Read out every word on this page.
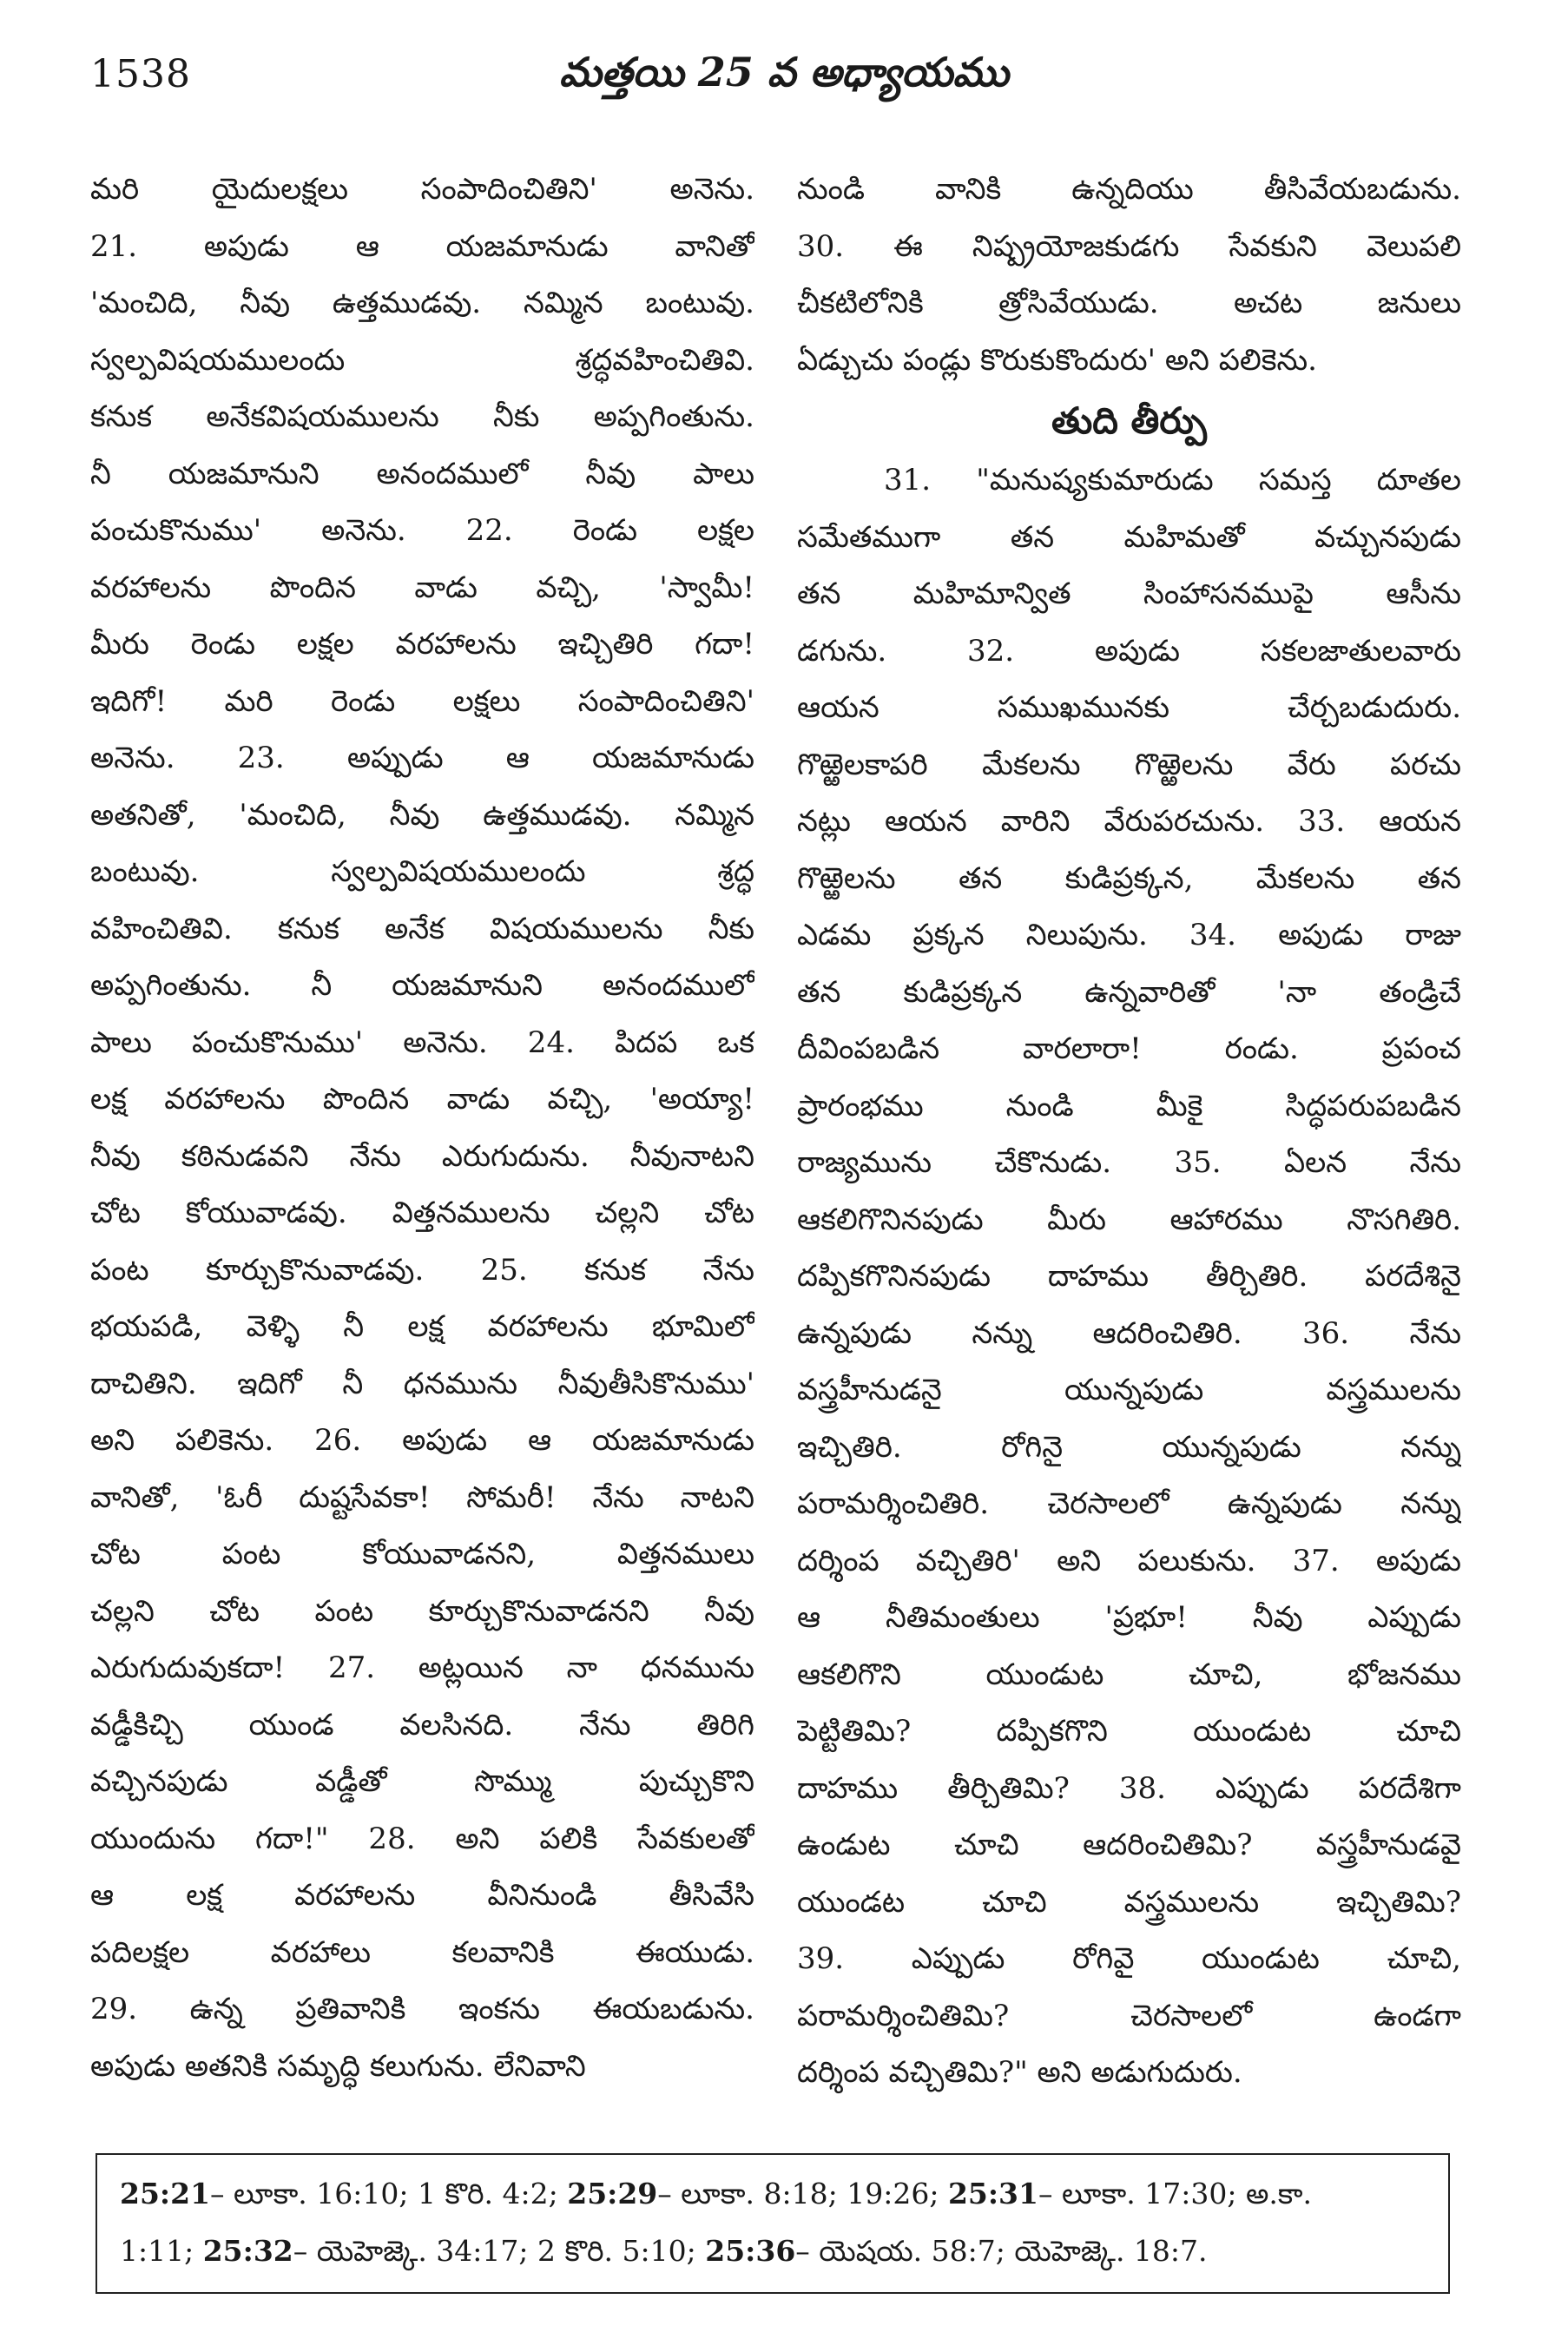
1538	మత్తయి 25 వ అధ్యాయము
మరి యైదులక్షలు సంపాదించితిని' అనెను.
21. అపుడు ఆ యజమానుడు వానితో
'మంచిది, నీవు ఉత్తముడవు. నమ్మిన బంటువు.
స్వల్పవిషయములందు శ్రద్ధవహించితివి.
కనుక అనేకవిషయములను నీకు అప్పగింతును.
నీ యజమానుని అనందములో నీవు పాలు
పంచుకొనుము' అనెను. 22. రెండు లక్షల
వరహాలను పొందిన వాడు వచ్చి, 'స్వామీ!
మీరు రెండు లక్షల వరహాలను ఇచ్చితిరి గదా!
ఇదిగో! మరి రెండు లక్షలు సంపాదించితిని'
అనెను. 23. అప్పుడు ఆ యజమానుడు
అతనితో, 'మంచిది, నీవు ఉత్తముడవు. నమ్మిన
బంటువు. స్వల్పవిషయములందు శ్రద్ధ
వహించితివి. కనుక అనేక విషయములను నీకు
అప్పగింతును. నీ యజమానుని అనందములో
పాలు పంచుకొనుము' అనెను. 24. పిదప ఒక
లక్ష వరహాలను పొందిన వాడు వచ్చి, 'అయ్యా!
నీవు కఠినుడవని నేను ఎరుగుదును. నీవునాటని
చోట కోయువాడవు. విత్తనములను చల్లని చోట
పంట కూర్చుకొనువాడవు. 25. కనుక నేను
భయపడి, వెళ్ళి నీ లక్ష వరహాలను భూమిలో
దాచితిని. ఇదిగో నీ ధనమును నీవుతీసికొనుము'
అని పలికెను. 26. అపుడు ఆ యజమానుడు
వానితో, 'ఓరీ దుష్టసేవకా! సోమరీ! నేను నాటని
చోట పంట కోయువాడనని, విత్తనములు
చల్లని చోట పంట కూర్చుకొనువాడనని నీవు
ఎరుగుదువుకదా! 27. అట్లయిన నా ధనమును
వడ్డీకిచ్చి యుండ వలసినది. నేను తిరిగి
వచ్చినపుడు వడ్డీతో సొమ్ము పుచ్చుకొని
యుందును గదా!" 28. అని పలికి సేవకులతో
ఆ లక్ష వరహాలను వీనినుండి తీసివేసి
పదిలక్షల వరహాలు కలవానికి ఈయుడు.
29. ఉన్న ప్రతివానికి ఇంకను ఈయబడును.
అపుడు అతనికి సమృద్ధి కలుగును. లేనివాని
నుండి వానికి ఉన్నదియు తీసివేయబడును.
30. ఈ నిష్ప్రయోజకుడగు సేవకుని వెలుపలి
చీకటిలోనికి త్రోసివేయుడు. అచట జనులు
ఏడ్చుచు పండ్లు కొరుకుకొందురు' అని పలికెను.
తుది తీర్పు
31. "మనుష్యకుమారుడు సమస్త దూతల
సమేతముగా తన మహిమతో వచ్చునపుడు
తన మహిమాన్విత సింహాసనముపై ఆసీను
డగును. 32. అపుడు సకలజాతులవారు
ఆయన సముఖమునకు చేర్చబడుదురు.
గొఱ్ఱెలకాపరి మేకలను గొఱ్ఱెలను వేరు పరచు
నట్లు ఆయన వారిని వేరుపరచును. 33. ఆయన
గొఱ్ఱెలను తన కుడిప్రక్కన, మేకలను తన
ఎడమ ప్రక్కన నిలుపును. 34. అపుడు రాజు
తన కుడిప్రక్కన ఉన్నవారితో 'నా తండ్రిచే
దీవింపబడిన వారలారా! రండు. ప్రపంచ
ప్రారంభము నుండి మీకై సిద్ధపరుపబడిన
రాజ్యమును చేకొనుడు. 35. ఏలన నేను
ఆకలిగొనినపుడు మీరు ఆహారము నొసగితిరి.
దప్పికగొనినపుడు దాహము తీర్చితిరి. పరదేశినై
ఉన్నపుడు నన్ను ఆదరించితిరి. 36. నేను
వస్త్రహీనుడనై యున్నపుడు వస్త్రములను
ఇచ్చితిరి. రోగినై యున్నపుడు నన్ను
పరామర్శించితిరి. చెరసాలలో ఉన్నపుడు నన్ను
దర్శింప వచ్చితిరి' అని పలుకును. 37. అపుడు
ఆ నీతిమంతులు 'ప్రభూ! నీవు ఎప్పుడు
ఆకలిగొని యుండుట చూచి, భోజనము
పెట్టితిమి? దప్పికగొని యుండుట చూచి
దాహము తీర్చితిమి? 38. ఎప్పుడు పరదేశిగా
ఉండుట చూచి ఆదరించితిమి? వస్త్రహీనుడవై
యుండట చూచి వస్త్రములను ఇచ్చితిమి?
39. ఎప్పుడు రోగివై యుండుట చూచి,
పరామర్శించితిమి? చెరసాలలో ఉండగా
దర్శింప వచ్చితిమి?" అని అడుగుదురు.
25:21– లూకా. 16:10; 1 కొరి. 4:2; 25:29– లూకా. 8:18; 19:26; 25:31– లూకా. 17:30; అ.కా.
1:11; 25:32– యెహెజ్కె. 34:17; 2 కొరి. 5:10; 25:36– యెషయ. 58:7; యెహెజ్కె. 18:7.
